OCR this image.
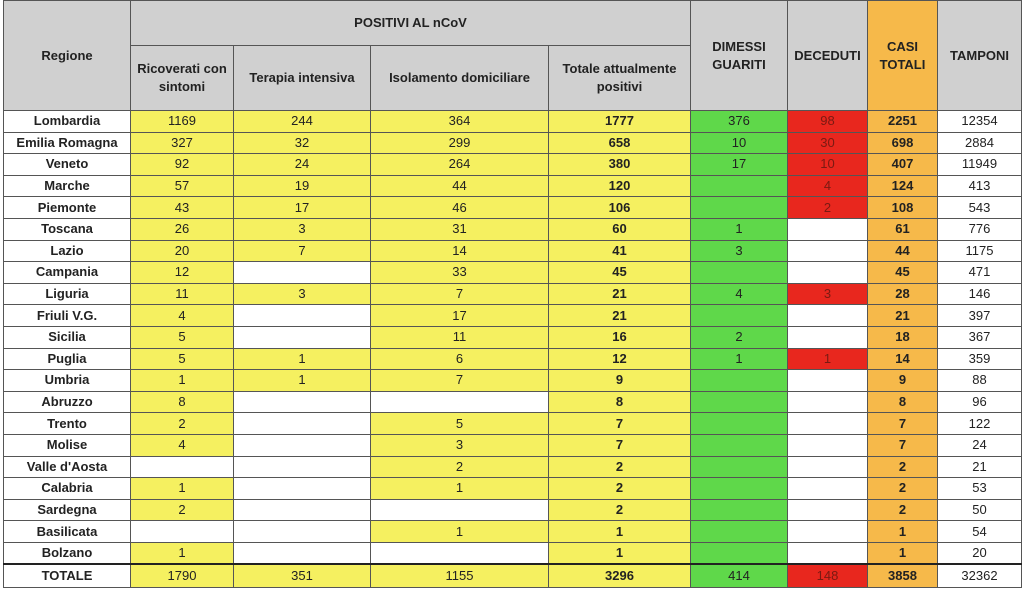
Regione	POSITIVI AL nCoV				DIMESSI GUARITI	DECEDUTI	CASI TOTALI	TAMPONI
	Ricoverati con sintomi	Terapia intensiva	Isolamento domiciliare	Totale attualmente positivi				
Lombardia	1169	244	364	1777	376	98	2251	12354
Emilia Romagna	327	32	299	658	10	30	698	2884
Veneto	92	24	264	380	17	10	407	11949
Marche	57	19	44	120		4	124	413
Piemonte	43	17	46	106		2	108	543
Toscana	26	3	31	60	1		61	776
Lazio	20	7	14	41	3		44	1175
Campania	12		33	45			45	471
Liguria	11	3	7	21	4	3	28	146
Friuli V.G.	4		17	21			21	397
Sicilia	5		11	16	2		18	367
Puglia	5	1	6	12	1	1	14	359
Umbria	1	1	7	9			9	88
Abruzzo	8			8			8	96
Trento	2		5	7			7	122
Molise	4		3	7			7	24
Valle d'Aosta			2	2			2	21
Calabria	1		1	2			2	53
Sardegna	2			2			2	50
Basilicata			1	1			1	54
Bolzano	1			1			1	20
TOTALE	1790	351	1155	3296	414	148	3858	32362
